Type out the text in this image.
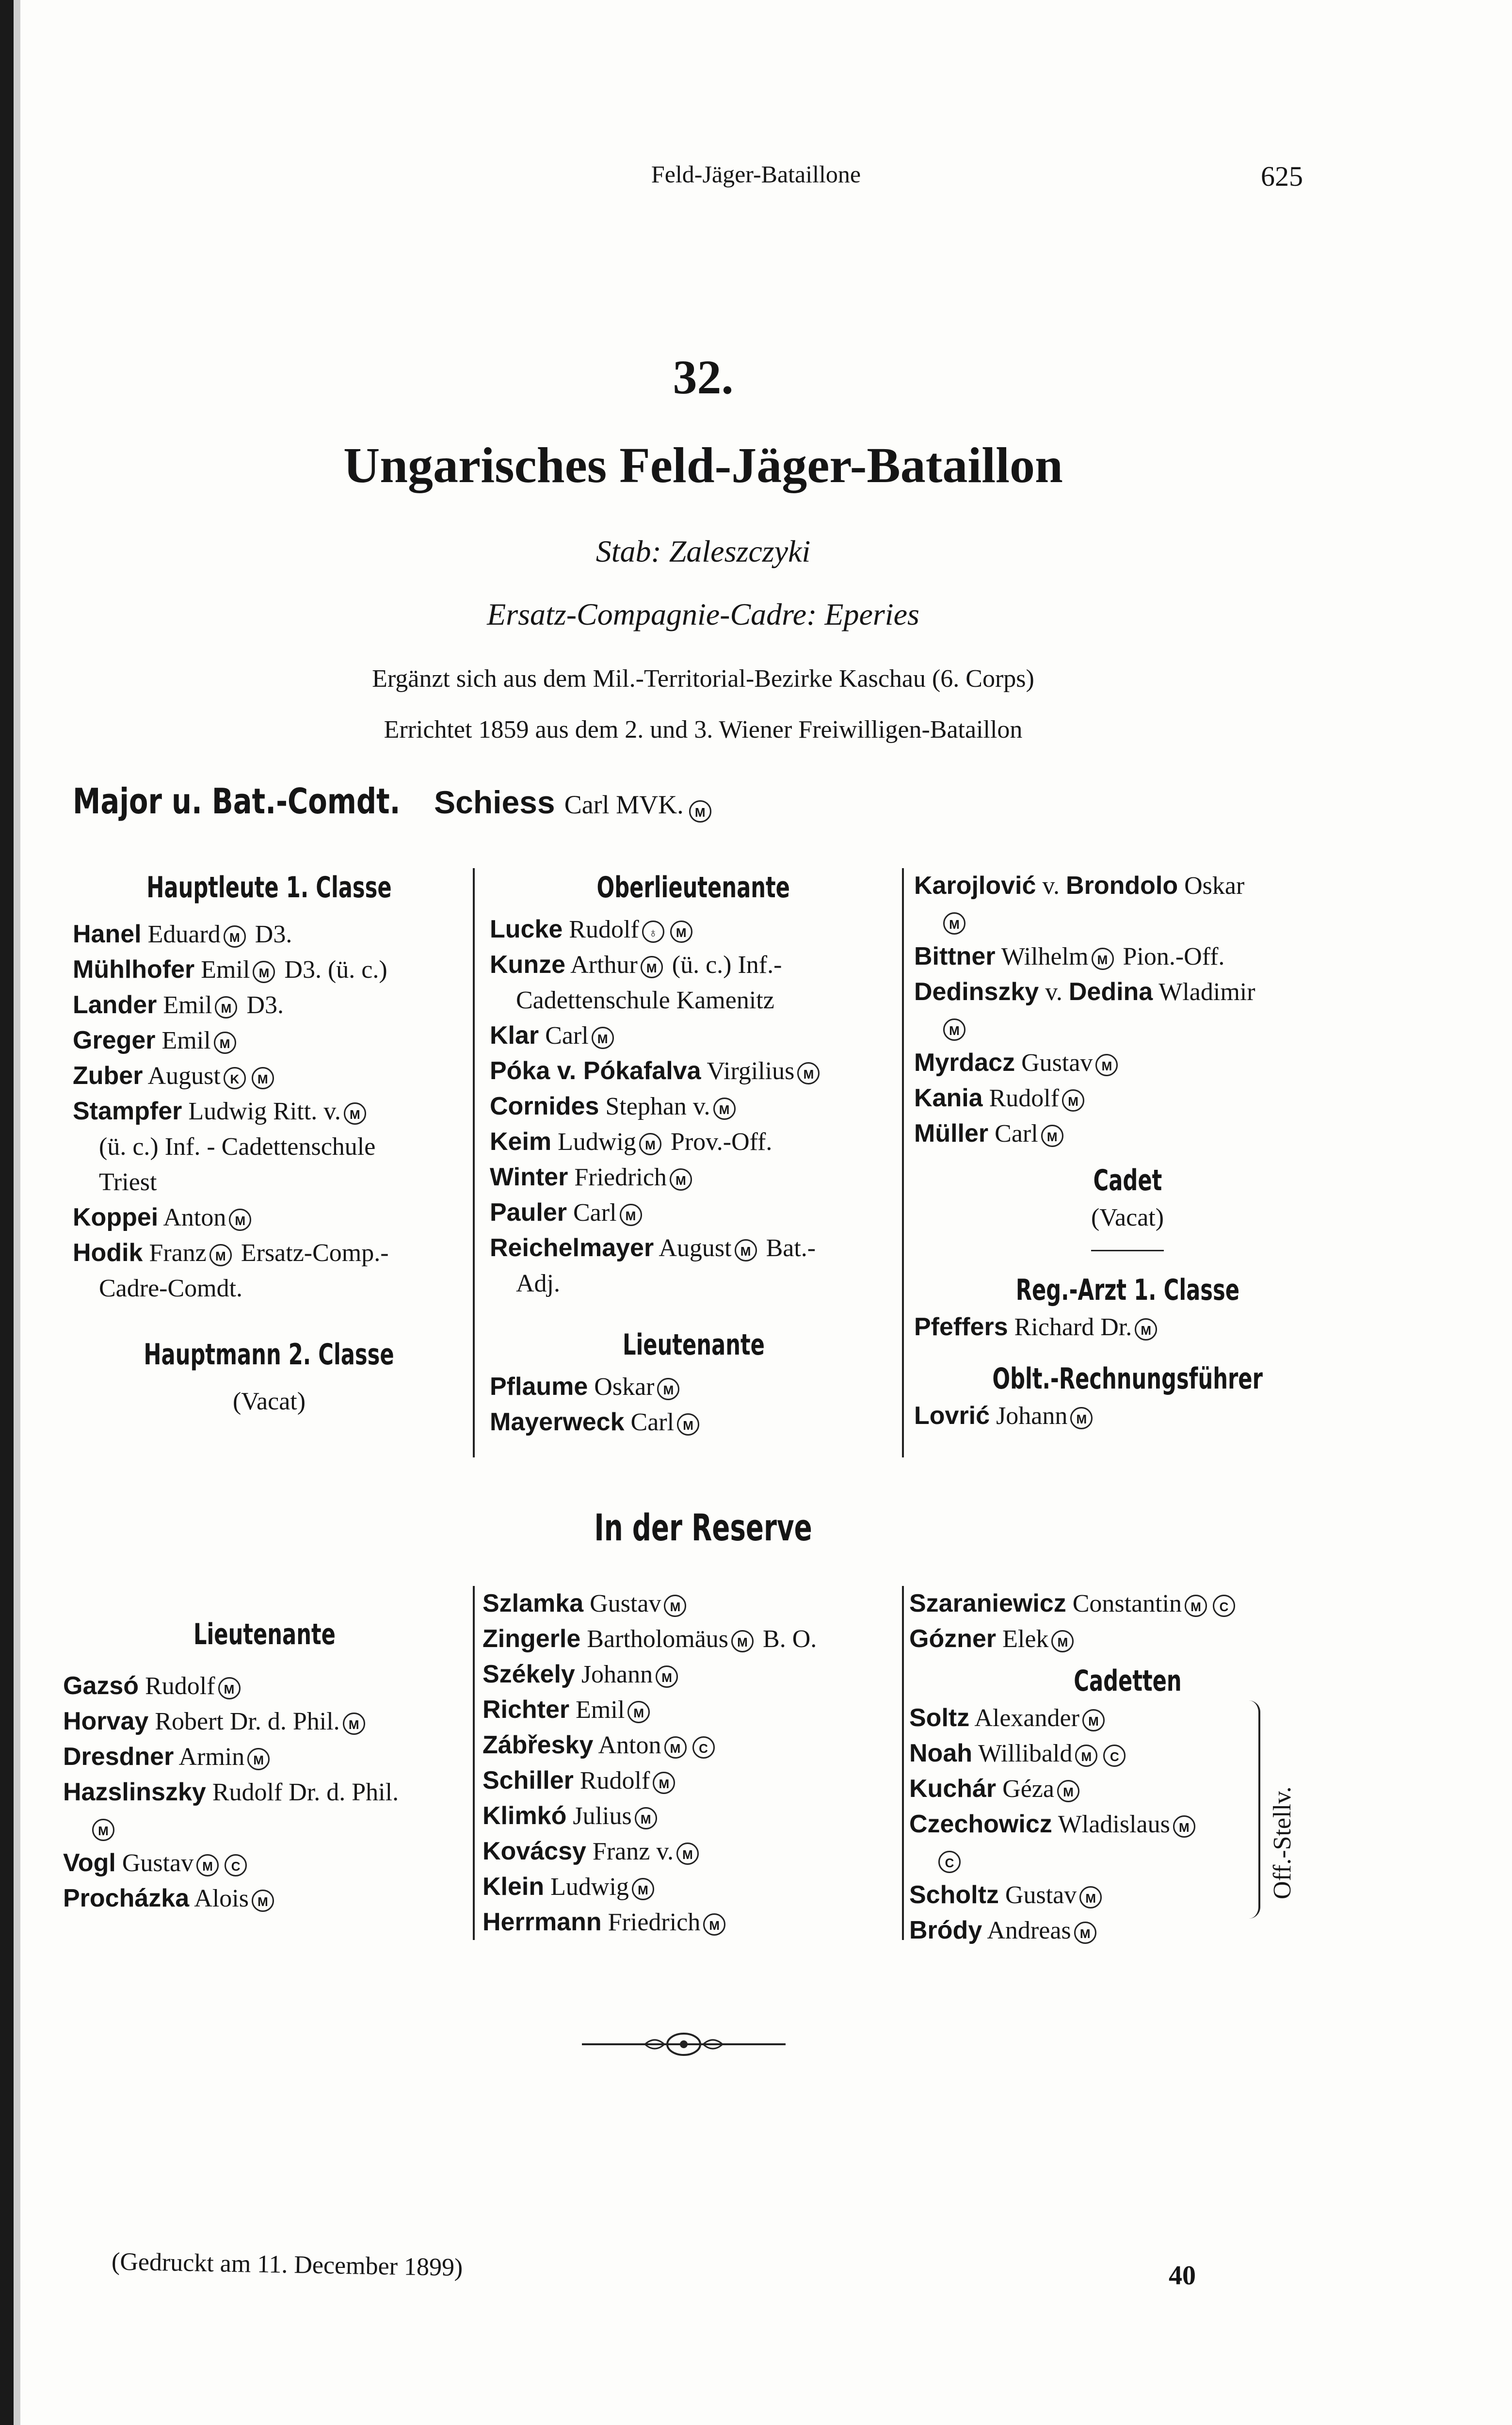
Feld-Jäger-Bataillone	625
32.
Ungarisches Feld-Jäger-Bataillon
Stab: Zaleszczyki
Ersatz-Compagnie-Cadre: Eperies
Ergänzt sich aus dem Mil.-Territorial-Bezirke Kaschau (6. Corps)
Errichtet 1859 aus dem 2. und 3. Wiener Freiwilligen-Bataillon
Major u. Bat.-Comdt. Schiess Carl MVK. M
Hauptleute 1. Classe
Hanel Eduard M D3.
Mühlhofer Emil M D3. (ü. c.)
Lander Emil M D3.
Greger Emil M
Zuber August K M
Stampfer Ludwig Ritt. v. M
(ü. c.) Inf. - Cadettenschule
Triest
Koppei Anton M
Hodik Franz M Ersatz-Comp.-
Cadre-Comdt.
Hauptmann 2. Classe
(Vacat)
Oberlieutenante
Lucke Rudolf ♁ M
Kunze Arthur M (ü. c.) Inf.-
Cadettenschule Kamenitz
Klar Carl M
Póka v. Pókafalva Virgilius M
Cornides Stephan v. M
Keim Ludwig M Prov.-Off.
Winter Friedrich M
Pauler Carl M
Reichelmayer August M Bat.-
Adj.
Lieutenante
Pflaume Oskar M
Mayerweck Carl M
Karojlović v. Brondolo Oskar
M
Bittner Wilhelm M Pion.-Off.
Dedinszky v. Dedina Wladimir
M
Myrdacz Gustav M
Kania Rudolf M
Müller Carl M
Cadet
(Vacat)
Reg.-Arzt 1. Classe
Pfeffers Richard Dr. M
Oblt.-Rechnungsführer
Lovrić Johann M
In der Reserve
Lieutenante
Gazsó Rudolf M
Horvay Robert Dr. d. Phil. M
Dresdner Armin M
Hazslinszky Rudolf Dr. d. Phil.
M
Vogl Gustav M C
Procházka Alois M
Szlamka Gustav M
Zingerle Bartholomäus M B. O.
Székely Johann M
Richter Emil M
Zábřesky Anton M C
Schiller Rudolf M
Klimkó Julius M
Kovácsy Franz v. M
Klein Ludwig M
Herrmann Friedrich M
Szaraniewicz Constantin M C
Gózner Elek M
Cadetten
Soltz Alexander M
Noah Willibald M C
Kuchár Géza M
Czechowicz Wladislaus M
C
Scholtz Gustav M
Bródy Andreas M
Off.-Stellv.
(Gedruckt am 11. December 1899)	40
